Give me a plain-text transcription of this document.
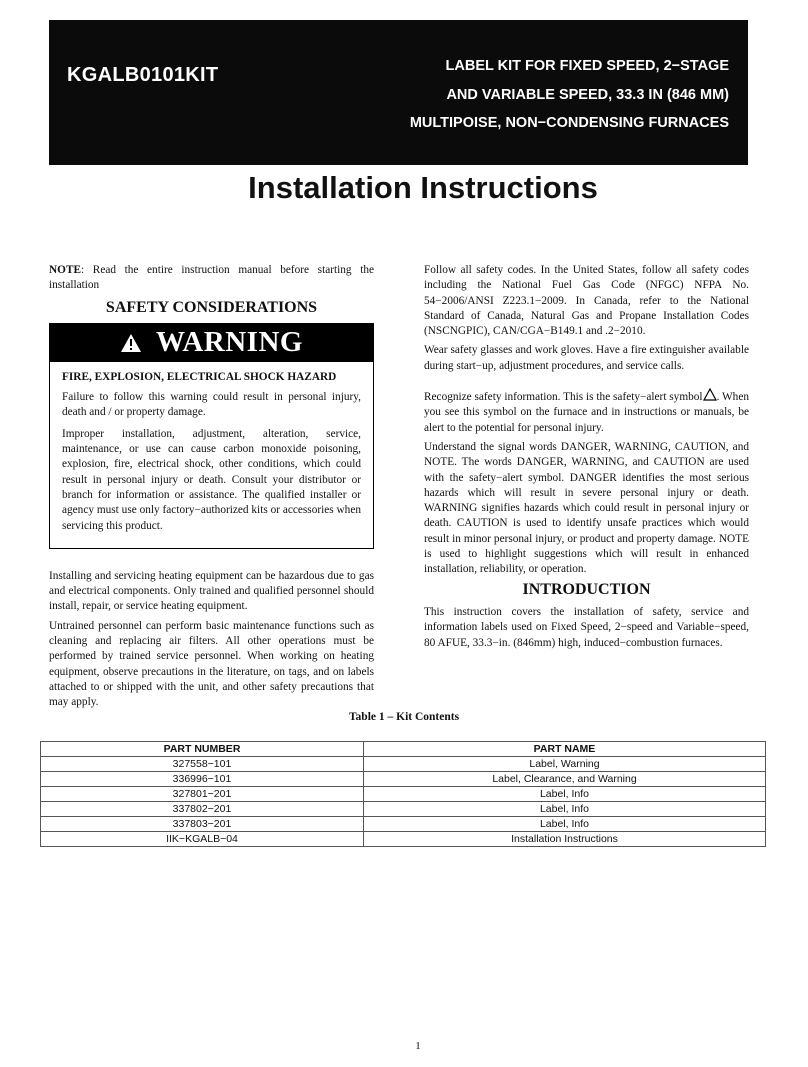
KGALB0101KIT	LABEL KIT FOR FIXED SPEED, 2−STAGE
AND VARIABLE SPEED, 33.3 IN (846 MM)
MULTIPOISE, NON−CONDENSING FURNACES
Installation Instructions

NOTE: Read the entire instruction manual before starting the installation

SAFETY CONSIDERATIONS
WARNING
FIRE, EXPLOSION, ELECTRICAL SHOCK HAZARD

Failure to follow this warning could result in personal injury, death and / or property damage.

Improper installation, adjustment, alteration, service, maintenance, or use can cause carbon monoxide poisoning, explosion, fire, electrical shock, other conditions, which could result in personal injury or death. Consult your distributor or branch for information or assistance. The qualified installer or agency must use only factory−authorized kits or accessories when servicing this product.

Installing and servicing heating equipment can be hazardous due to gas and electrical components. Only trained and qualified personnel should install, repair, or service heating equipment.

Untrained personnel can perform basic maintenance functions such as cleaning and replacing air filters. All other operations must be performed by trained service personnel. When working on heating equipment, observe precautions in the literature, on tags, and on labels attached to or shipped with the unit, and other safety precautions that may apply.

Follow all safety codes. In the United States, follow all safety codes including the National Fuel Gas Code (NFGC) NFPA No. 54−2006/ANSI Z223.1−2009. In Canada, refer to the National Standard of Canada, Natural Gas and Propane Installation Codes (NSCNGPIC), CAN/CGA−B149.1 and .2−2010.

Wear safety glasses and work gloves. Have a fire extinguisher available during start−up, adjustment procedures, and service calls.

Recognize safety information. This is the safety−alert symbol . When you see this symbol on the furnace and in instructions or manuals, be alert to the potential for personal injury.

Understand the signal words DANGER, WARNING, CAUTION, and NOTE. The words DANGER, WARNING, and CAUTION are used with the safety−alert symbol. DANGER identifies the most serious hazards which will result in severe personal injury or death. WARNING signifies hazards which could result in personal injury or death. CAUTION is used to identify unsafe practices which would result in minor personal injury, or product and property damage. NOTE is used to highlight suggestions which will result in enhanced installation, reliability, or operation.

INTRODUCTION

This instruction covers the installation of safety, service and information labels used on Fixed Speed, 2−speed and Variable−speed, 80 AFUE, 33.3−in. (846mm) high, induced−combustion furnaces.

Table 1 – Kit Contents
PART NUMBER	PART NAME
327558−101	Label, Warning
336996−101	Label, Clearance, and Warning
327801−201	Label, Info
337802−201	Label, Info
337803−201	Label, Info
IIK−KGALB−04	Installation Instructions
1
